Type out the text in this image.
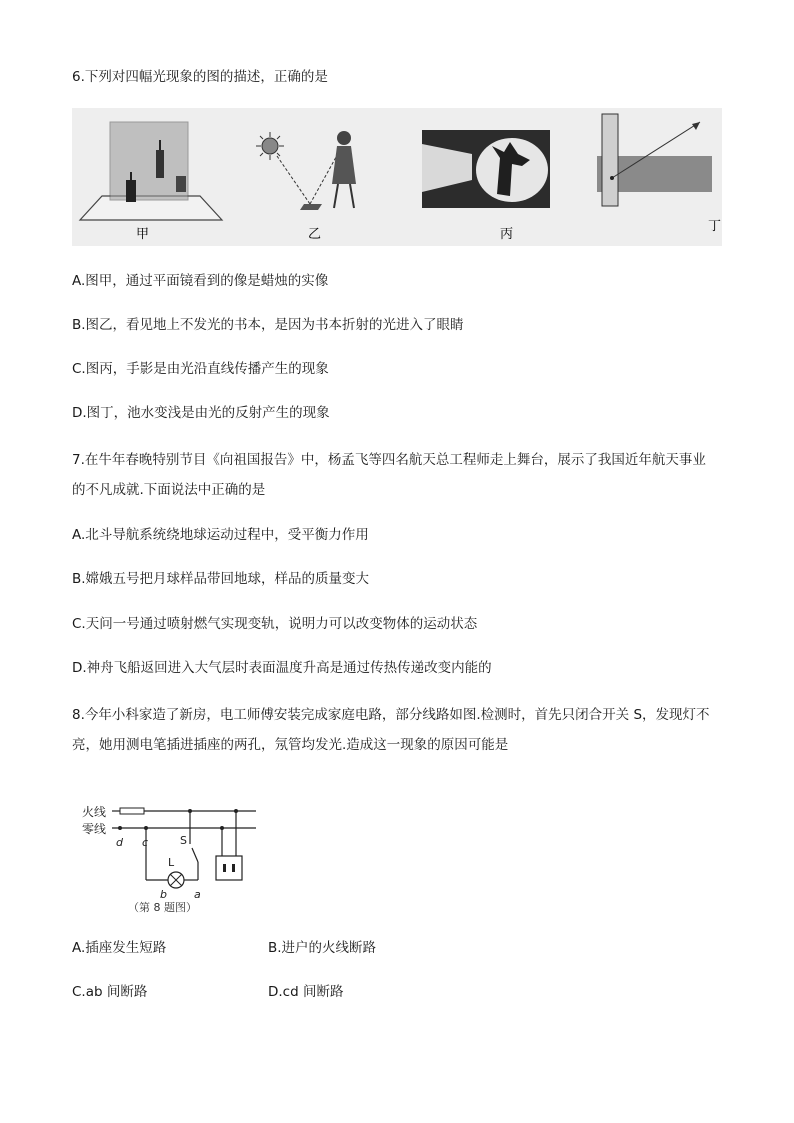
6.下列对四幅光现象的图的描述，正确的是
甲	乙	丙
丁
A.图甲，通过平面镜看到的像是蜡烛的实像
B.图乙，看见地上不发光的书本，是因为书本折射的光进入了眼睛
C.图丙，手影是由光沿直线传播产生的现象
D.图丁，池水变浅是由光的反射产生的现象
7.在牛年春晚特别节目《向祖国报告》中，杨孟飞等四名航天总工程师走上舞台，展示了我国近年航天事业
的不凡成就.下面说法中正确的是
A.北斗导航系统绕地球运动过程中，受平衡力作用
B.嫦娥五号把月球样品带回地球，样品的质量变大
C.天问一号通过喷射燃气实现变轨，说明力可以改变物体的运动状态
D.神舟飞船返回进入大气层时表面温度升高是通过传热传递改变内能的
8.今年小科家造了新房，电工师傅安装完成家庭电路，部分线路如图.检测时，首先只闭合开关 S，发现灯不
亮，她用测电笔插进插座的两孔，氖管均发光.造成这一现象的原因可能是
火线
零线
d c
L
S
b a
（第 8 题图）
A.插座发生短路	B.进户的火线断路
C.ab 间断路	D.cd 间断路
